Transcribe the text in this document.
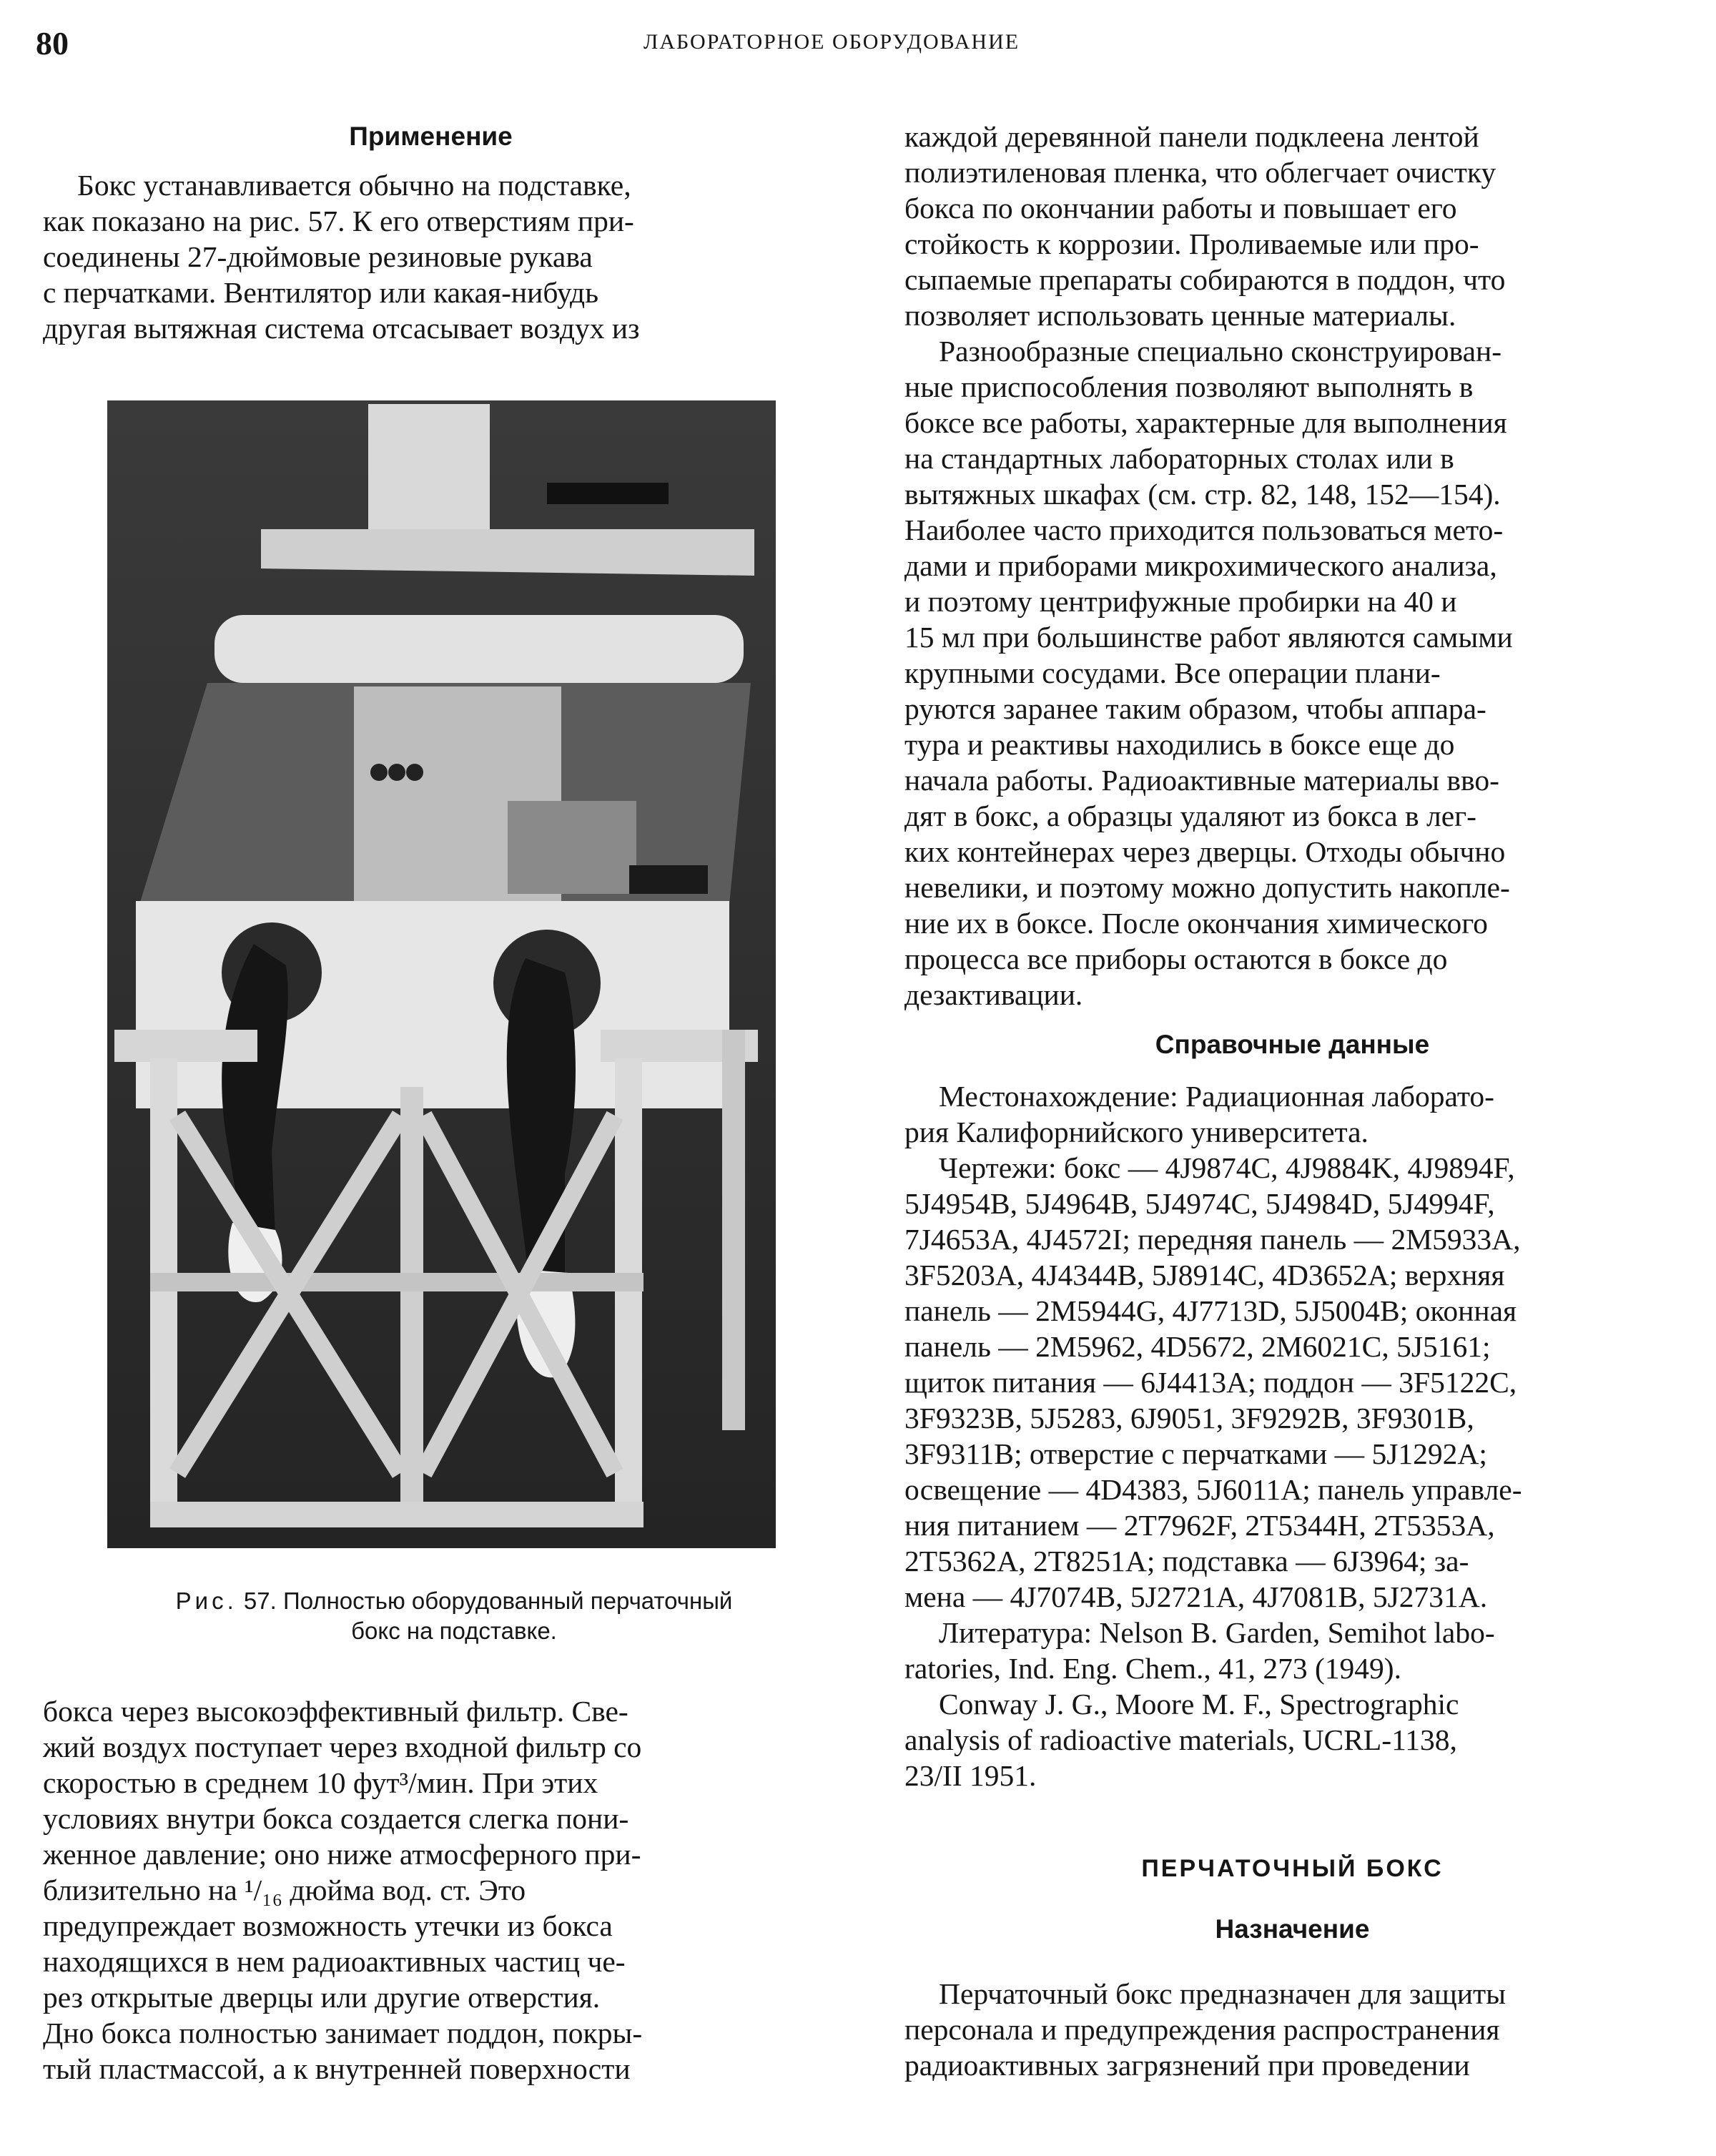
80	ЛАБОРАТОРНОЕ ОБОРУДОВАНИЕ
Применение
Бокс устанавливается обычно на подставке,
как показано на рис. 57. К его отверстиям при-
соединены 27-дюймовые резиновые рукава
с перчатками. Вентилятор или какая-нибудь
другая вытяжная система отсасывает воздух из
Рис. 57. Полностью оборудованный перчаточный
бокс на подставке.
бокса через высокоэффективный фильтр. Све-
жий воздух поступает через входной фильтр со
скоростью в среднем 10 фут³/мин. При этих
условиях внутри бокса создается слегка пони-
женное давление; оно ниже атмосферного при-
близительно на ¹/₁₆ дюйма вод. ст. Это
предупреждает возможность утечки из бокса
находящихся в нем радиоактивных частиц че-
рез открытые дверцы или другие отверстия.
Дно бокса полностью занимает поддон, покры-
тый пластмассой, а к внутренней поверхности
каждой деревянной панели подклеена лентой
полиэтиленовая пленка, что облегчает очистку
бокса по окончании работы и повышает его
стойкость к коррозии. Проливаемые или про-
сыпаемые препараты собираются в поддон, что
позволяет использовать ценные материалы.
Разнообразные специально сконструирован-
ные приспособления позволяют выполнять в
боксе все работы, характерные для выполнения
на стандартных лабораторных столах или в
вытяжных шкафах (см. стр. 82, 148, 152—154).
Наиболее часто приходится пользоваться мето-
дами и приборами микрохимического анализа,
и поэтому центрифужные пробирки на 40 и
15 мл при большинстве работ являются самыми
крупными сосудами. Все операции плани-
руются заранее таким образом, чтобы аппара-
тура и реактивы находились в боксе еще до
начала работы. Радиоактивные материалы вво-
дят в бокс, а образцы удаляют из бокса в лег-
ких контейнерах через дверцы. Отходы обычно
невелики, и поэтому можно допустить накопле-
ние их в боксе. После окончания химического
процесса все приборы остаются в боксе до
дезактивации.
Справочные данные
Местонахождение: Радиационная лаборато-
рия Калифорнийского университета.
Чертежи: бокс — 4J9874C, 4J9884K, 4J9894F,
5J4954B, 5J4964B, 5J4974C, 5J4984D, 5J4994F,
7J4653A, 4J4572I; передняя панель — 2M5933A,
3F5203A, 4J4344B, 5J8914C, 4D3652A; верхняя
панель — 2M5944G, 4J7713D, 5J5004B; оконная
панель — 2M5962, 4D5672, 2M6021C, 5J5161;
щиток питания — 6J4413A; поддон — 3F5122C,
3F9323B, 5J5283, 6J9051, 3F9292B, 3F9301B,
3F9311B; отверстие с перчатками — 5J1292A;
освещение — 4D4383, 5J6011A; панель управле-
ния питанием — 2T7962F, 2T5344H, 2T5353A,
2T5362A, 2T8251A; подставка — 6J3964; за-
мена — 4J7074B, 5J2721A, 4J7081B, 5J2731A.
Литература: Nelson B. Garden, Semihot labo-
ratories, Ind. Eng. Chem., 41, 273 (1949).
Conway J. G., Moore M. F., Spectrographic
analysis of radioactive materials, UCRL-1138,
23/II 1951.
ПЕРЧАТОЧНЫЙ БОКС
Назначение
Перчаточный бокс предназначен для защиты
персонала и предупреждения распространения
радиоактивных загрязнений при проведении
